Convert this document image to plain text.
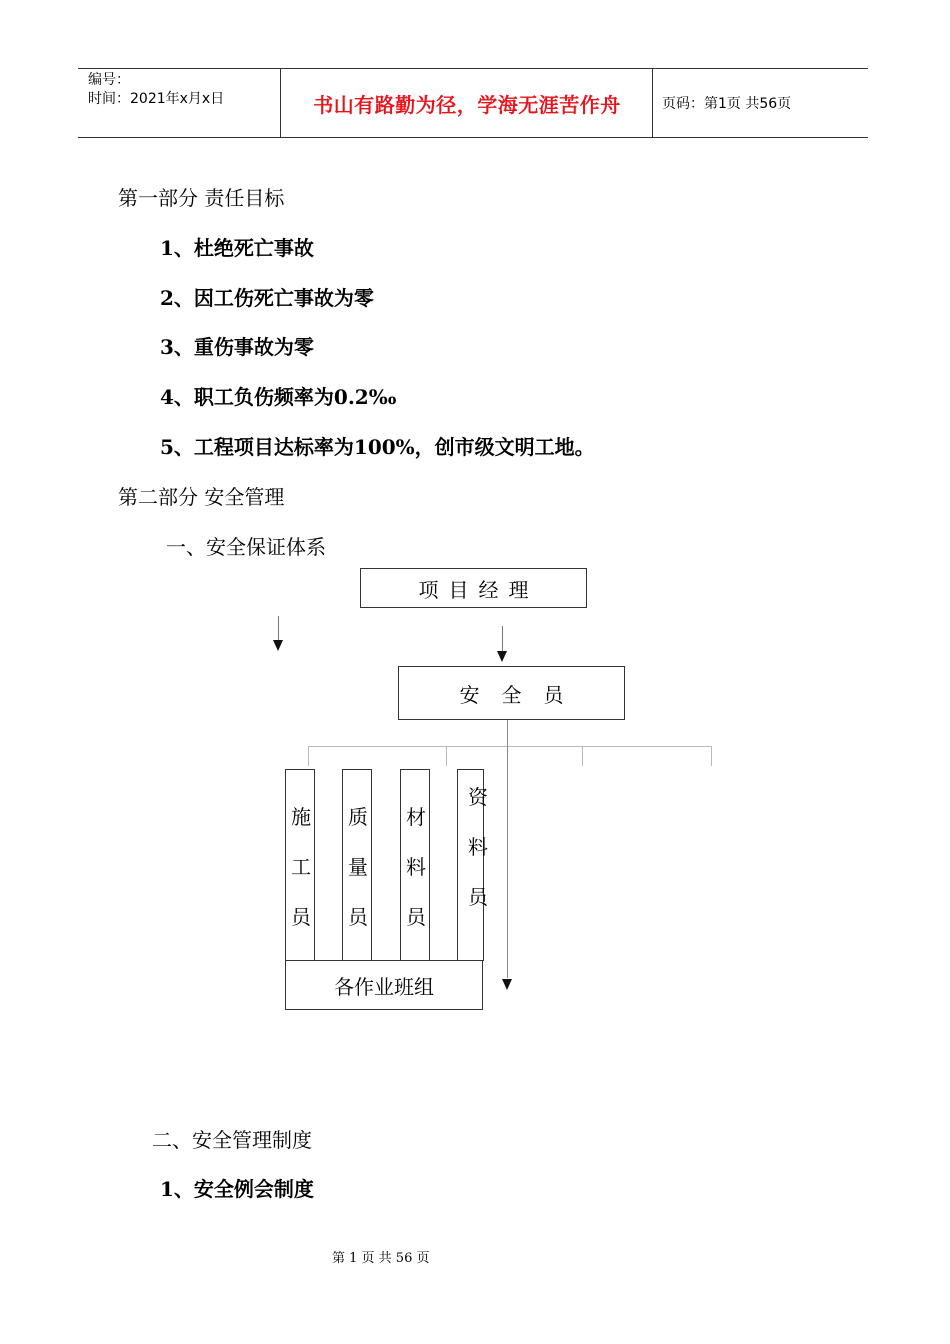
编号：
时间：2021年x月x日	书山有路勤为径，学海无涯苦作舟	页码：第1页 共56页
第一部分 责任目标
1、杜绝死亡事故
2、因工伤死亡事故为零
3、重伤事故为零
4、职工负伤频率为0.2‰
5、工程项目达标率为100%，创市级文明工地。
第二部分 安全管理
一、安全保证体系
项目经理
安全员
施
工
员
质
量
员
材
料
员
资
料
员
各作业班组
二、安全管理制度
1、安全例会制度
第 1 页 共 56 页
